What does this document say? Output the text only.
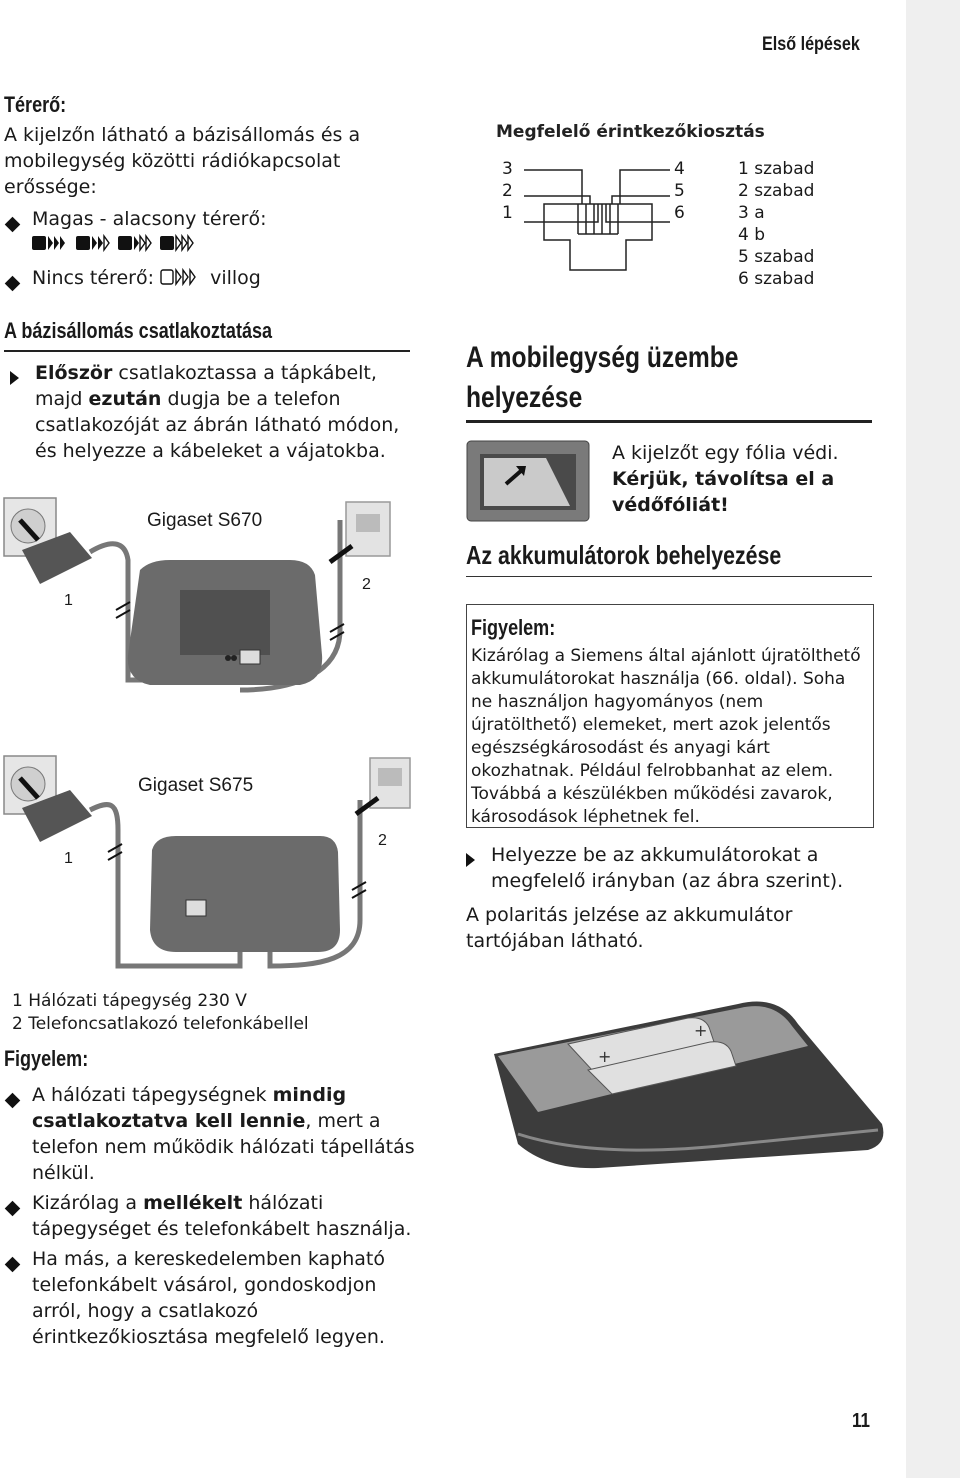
Első lépések
Térerő:
A kijelzőn látható a bázisállomás és a mobilegység közötti rádiókapcsolat erőssége:
Magas - alacsony térerő:

Nincs térerő:	villog
A bázisállomás csatlakoztatása
Először csatlakoztassa a tápkábelt, majd ezután dugja be a telefon csatlakozóját az ábrán látható módon, és helyezze a kábeleket a vájatokba.
Gigaset S670
1
2
Gigaset S675
1
2
1 Hálózati tápegység 230 V
2 Telefoncsatlakozó telefonkábellel
Figyelem:
A hálózati tápegységnek mindig csatlakoztatva kell lennie, mert a telefon nem működik hálózati tápellátás nélkül.
Kizárólag a mellékelt hálózati tápegységet és telefonkábelt használja.
Ha más, a kereskedelemben kapható telefonkábelt vásárol, gondoskodjon arról, hogy a csatlakozó érintkezőkiosztása megfelelő legyen.
Megfelelő érintkezőkiosztás
3
2
1
4
5
6
1 szabad
2 szabad
3 a
4 b
5 szabad
6 szabad
A mobilegység üzembe helyezése
A kijelzőt egy fólia védi.
Kérjük, távolítsa el a védőfóliát!
Az akkumulátorok behelyezése
Figyelem:
Kizárólag a Siemens által ajánlott újratölthető akkumulátorokat használja (66. oldal). Soha ne használjon hagyományos (nem újratölthető) elemeket, mert azok jelentős egészségkárosodást és anyagi kárt okozhatnak. Például felrobbanhat az elem. Továbbá a készülékben működési zavarok, károsodások léphetnek fel.
Helyezze be az akkumulátorokat a megfelelő irányban (az ábra szerint).
A polaritás jelzése az akkumulátor tartójában látható.
+
+
11
